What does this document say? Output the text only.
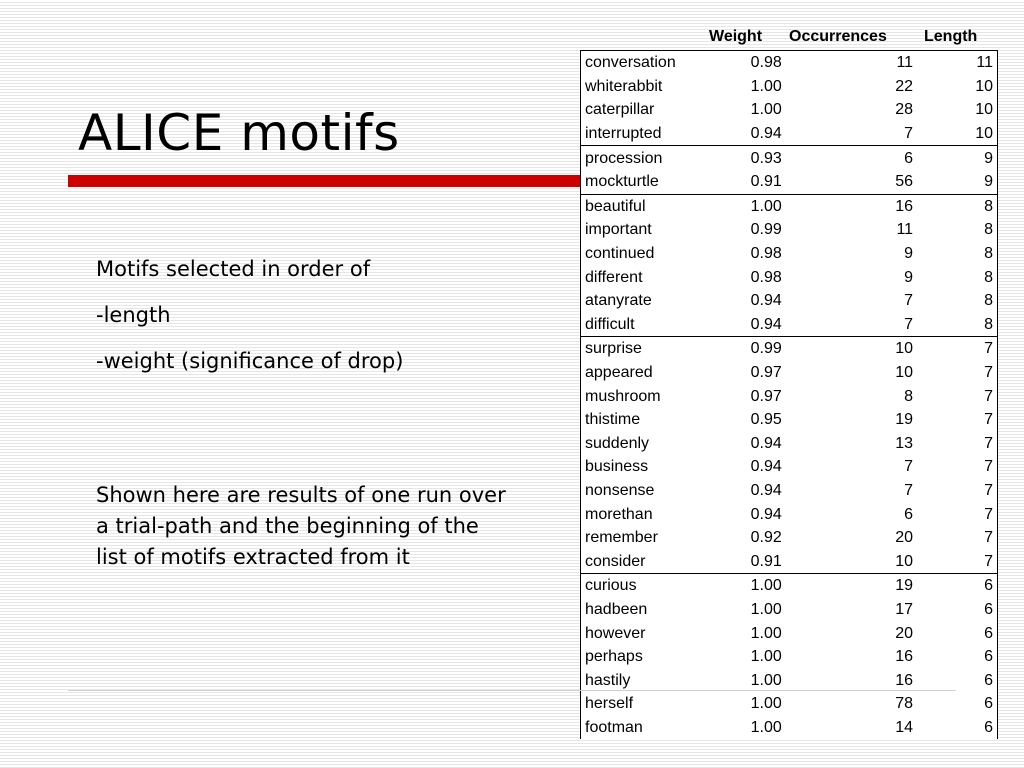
ALICE motifs

Motifs selected in order of

-length

-weight (significance of drop)

Shown here are results of one run over a trial-path and the beginning of the list of motifs extracted from it

Weight Occurrences Length
conversation	0.98	11	11
whiterabbit	1.00	22	10
caterpillar	1.00	28	10
interrupted	0.94	7	10
procession	0.93	6	9
mockturtle	0.91	56	9
beautiful	1.00	16	8
important	0.99	11	8
continued	0.98	9	8
different	0.98	9	8
atanyrate	0.94	7	8
difficult	0.94	7	8
surprise	0.99	10	7
appeared	0.97	10	7
mushroom	0.97	8	7
thistime	0.95	19	7
suddenly	0.94	13	7
business	0.94	7	7
nonsense	0.94	7	7
morethan	0.94	6	7
remember	0.92	20	7
consider	0.91	10	7
curious	1.00	19	6
hadbeen	1.00	17	6
however	1.00	20	6
perhaps	1.00	16	6
hastily	1.00	16	6
herself	1.00	78	6
footman	1.00	14	6
